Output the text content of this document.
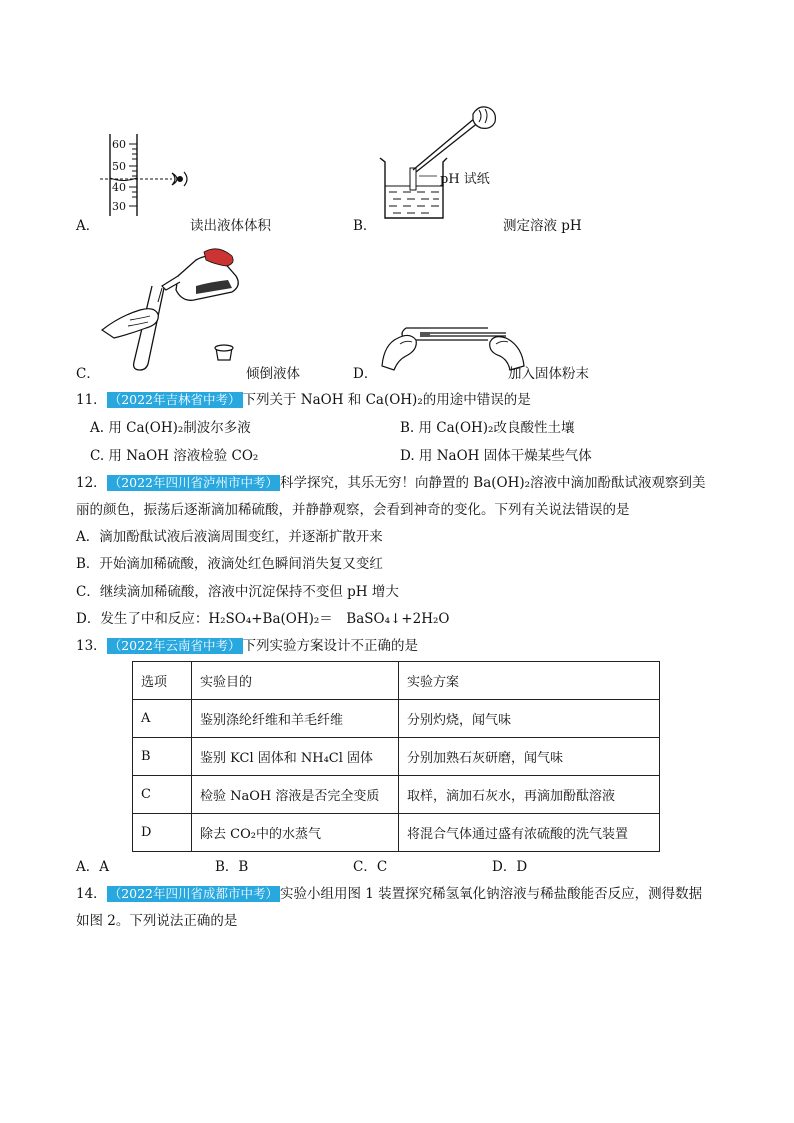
60
50
40
30
A．	读出液体体积
pH 试纸
B．	测定溶液 pH
C．	倾倒液体	D．	加入固体粉末
11． （2022年吉林省中考） 下列关于 NaOH 和 Ca(OH)₂的用途中错误的是
A. 用 Ca(OH)₂制波尔多液	B. 用 Ca(OH)₂改良酸性土壤
C. 用 NaOH 溶液检验 CO₂	D. 用 NaOH 固体干燥某些气体
12． （2022年四川省泸州市中考） 科学探究，其乐无穷！向静置的 Ba(OH)₂溶液中滴加酚酞试液观察到美
丽的颜色，振荡后逐渐滴加稀硫酸，并静静观察，会看到神奇的变化。下列有关说法错误的是
A．滴加酚酞试液后液滴周围变红，并逐渐扩散开来
B．开始滴加稀硫酸，液滴处红色瞬间消失复又变红
C．继续滴加稀硫酸，溶液中沉淀保持不变但 pH 增大
D．发生了中和反应：H₂SO₄+Ba(OH)₂＝　BaSO₄↓+2H₂O
13． （2022年云南省中考） 下列实验方案设计不正确的是
选项	实验目的	实验方案
A	鉴别涤纶纤维和羊毛纤维	分别灼烧，闻气味
B	鉴别 KCl 固体和 NH₄Cl 固体	分别加熟石灰研磨，闻气味
C	检验 NaOH 溶液是否完全变质	取样，滴加石灰水，再滴加酚酞溶液
D	除去 CO₂中的水蒸气	将混合气体通过盛有浓硫酸的洗气装置
A．A	B．B	C．C	D．D
14． （2022年四川省成都市中考） 实验小组用图 1 装置探究稀氢氧化钠溶液与稀盐酸能否反应，测得数据
如图 2。下列说法正确的是
